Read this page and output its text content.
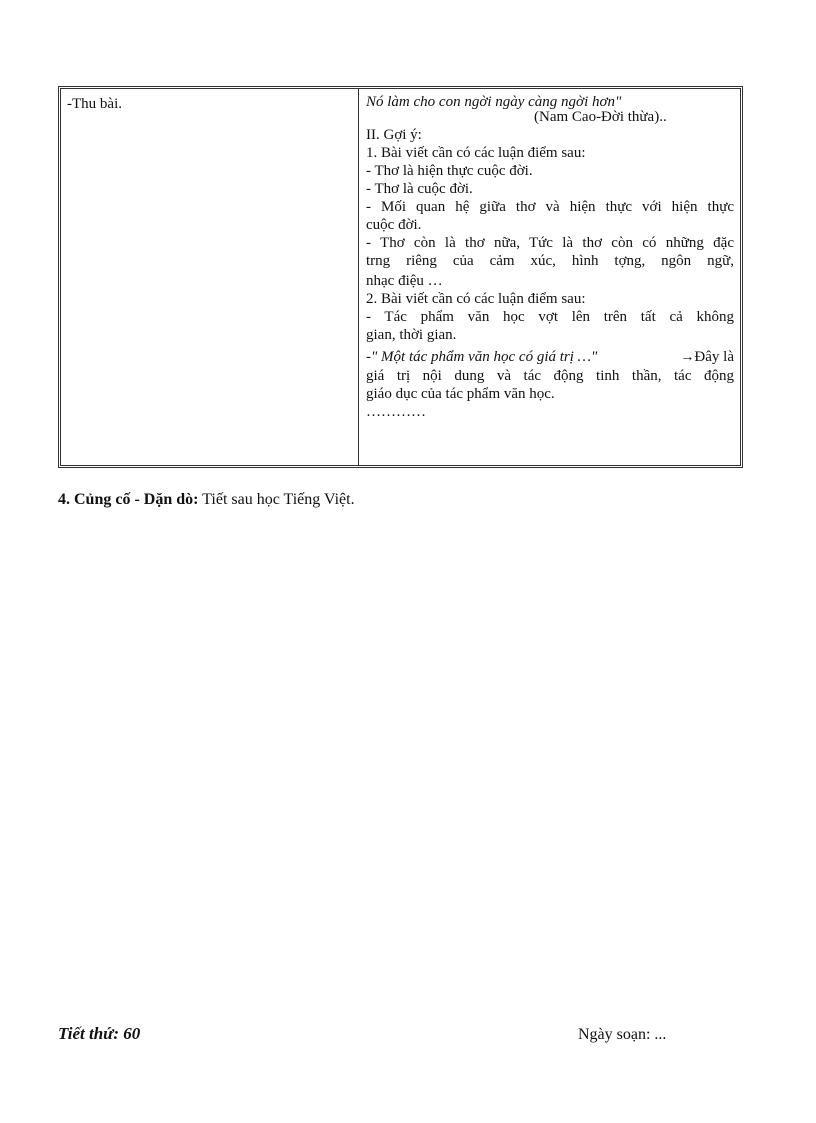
-Thu bài.	Nó làm cho con ngời ngày càng ngời hơn"
(Nam Cao-Đời thừa)..
II. Gợi ý:
1. Bài viết cần có các luận điểm sau:
- Thơ là hiện thực cuộc đời.
- Thơ là cuộc đời.
- Mối quan hệ giữa thơ và hiện thực với hiện thực
cuộc đời.
- Thơ còn là thơ nữa, Tức là thơ còn có những đặc
trng riêng của cảm xúc, hình tợng, ngôn ngữ,
nhạc điệu …
2. Bài viết cần có các luận điểm sau:
- Tác phẩm văn học vợt lên trên tất cả không
gian, thời gian.
-" Một tác phẩm văn học có giá trị …"	→Đây là
giá trị nội dung và tác động tinh thần, tác động
giáo dục của tác phẩm văn học.
…………
4. Củng cố - Dặn dò: Tiết sau học Tiếng Việt.
Tiết thứ: 60	Ngày soạn: ...
